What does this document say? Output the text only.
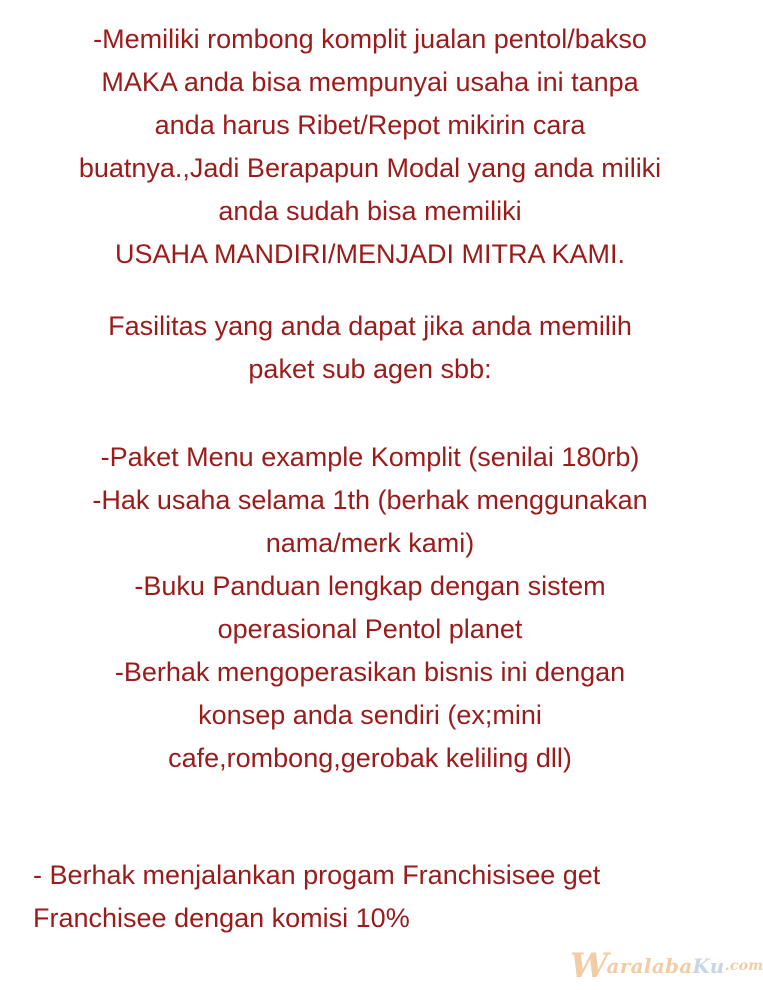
-Memiliki rombong komplit jualan pentol/bakso
MAKA anda bisa mempunyai usaha ini tanpa
anda harus Ribet/Repot mikirin cara
buatnya.,Jadi Berapapun Modal yang anda miliki
anda sudah bisa memiliki
USAHA MANDIRI/MENJADI MITRA KAMI.
Fasilitas yang anda dapat jika anda memilih
paket sub agen sbb:
-Paket Menu example Komplit (senilai 180rb)
-Hak usaha selama 1th (berhak menggunakan
nama/merk kami)
-Buku Panduan lengkap dengan sistem
operasional Pentol planet
-Berhak mengoperasikan bisnis ini dengan
konsep anda sendiri (ex;mini
cafe,rombong,gerobak keliling dll)
- Berhak menjalankan progam Franchisisee get
Franchisee dengan komisi 10%
W
aralaba Ku .com
